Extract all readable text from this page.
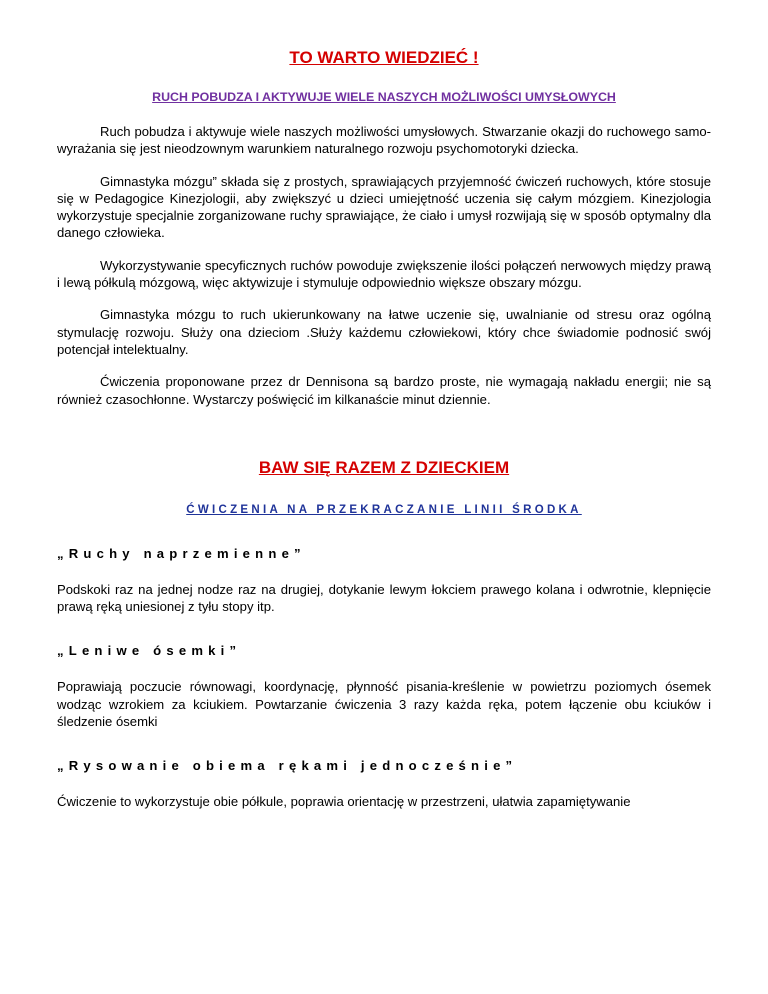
TO WARTO WIEDZIEĆ !
RUCH POBUDZA I AKTYWUJE WIELE NASZYCH MOŻLIWOŚCI UMYSŁOWYCH

Ruch pobudza i aktywuje wiele naszych możliwości umysłowych. Stwarzanie okazji do ruchowego samo- wyrażania się jest nieodzownym warunkiem naturalnego rozwoju psychomotoryki dziecka.

Gimnastyka mózgu” składa się z prostych, sprawiających przyjemność ćwiczeń ruchowych, które stosuje się w Pedagogice Kinezjologii, aby zwiększyć u dzieci umiejętność uczenia się całym mózgiem. Kinezjologia wykorzystuje specjalnie zorganizowane ruchy sprawiające, że ciało i umysł rozwijają się w sposób optymalny dla danego człowieka.

Wykorzystywanie specyficznych ruchów powoduje zwiększenie ilości połączeń nerwowych między prawą i lewą półkulą mózgową, więc aktywizuje i stymuluje odpowiednio większe obszary mózgu.

Gimnastyka mózgu to ruch ukierunkowany na łatwe uczenie się, uwalnianie od stresu oraz ogólną stymulację rozwoju. Służy ona dzieciom .Służy każdemu człowiekowi, który chce świadomie podnosić swój potencjał intelektualny.

Ćwiczenia proponowane przez dr Dennisona są bardzo proste, nie wymagają nakładu energii; nie są również czasochłonne. Wystarczy poświęcić im kilkanaście minut dziennie.

BAW SIĘ RAZEM Z DZIECKIEM
ĆWICZENIA NA PRZEKRACZANIE LINII ŚRODKA
„Ruchy naprzemienne”

Podskoki raz na jednej nodze raz na drugiej, dotykanie lewym łokciem prawego kolana i odwrotnie, klepnięcie prawą ręką uniesionej z tyłu stopy itp.

„Leniwe ósemki”

Poprawiają poczucie równowagi, koordynację, płynność pisania-kreślenie w powietrzu poziomych ósemek wodząc wzrokiem za kciukiem. Powtarzanie ćwiczenia 3 razy każda ręka, potem łączenie obu kciuków i śledzenie ósemki

„Rysowanie obiema rękami jednocześnie”

Ćwiczenie to wykorzystuje obie półkule, poprawia orientację w przestrzeni, ułatwia zapamiętywanie
